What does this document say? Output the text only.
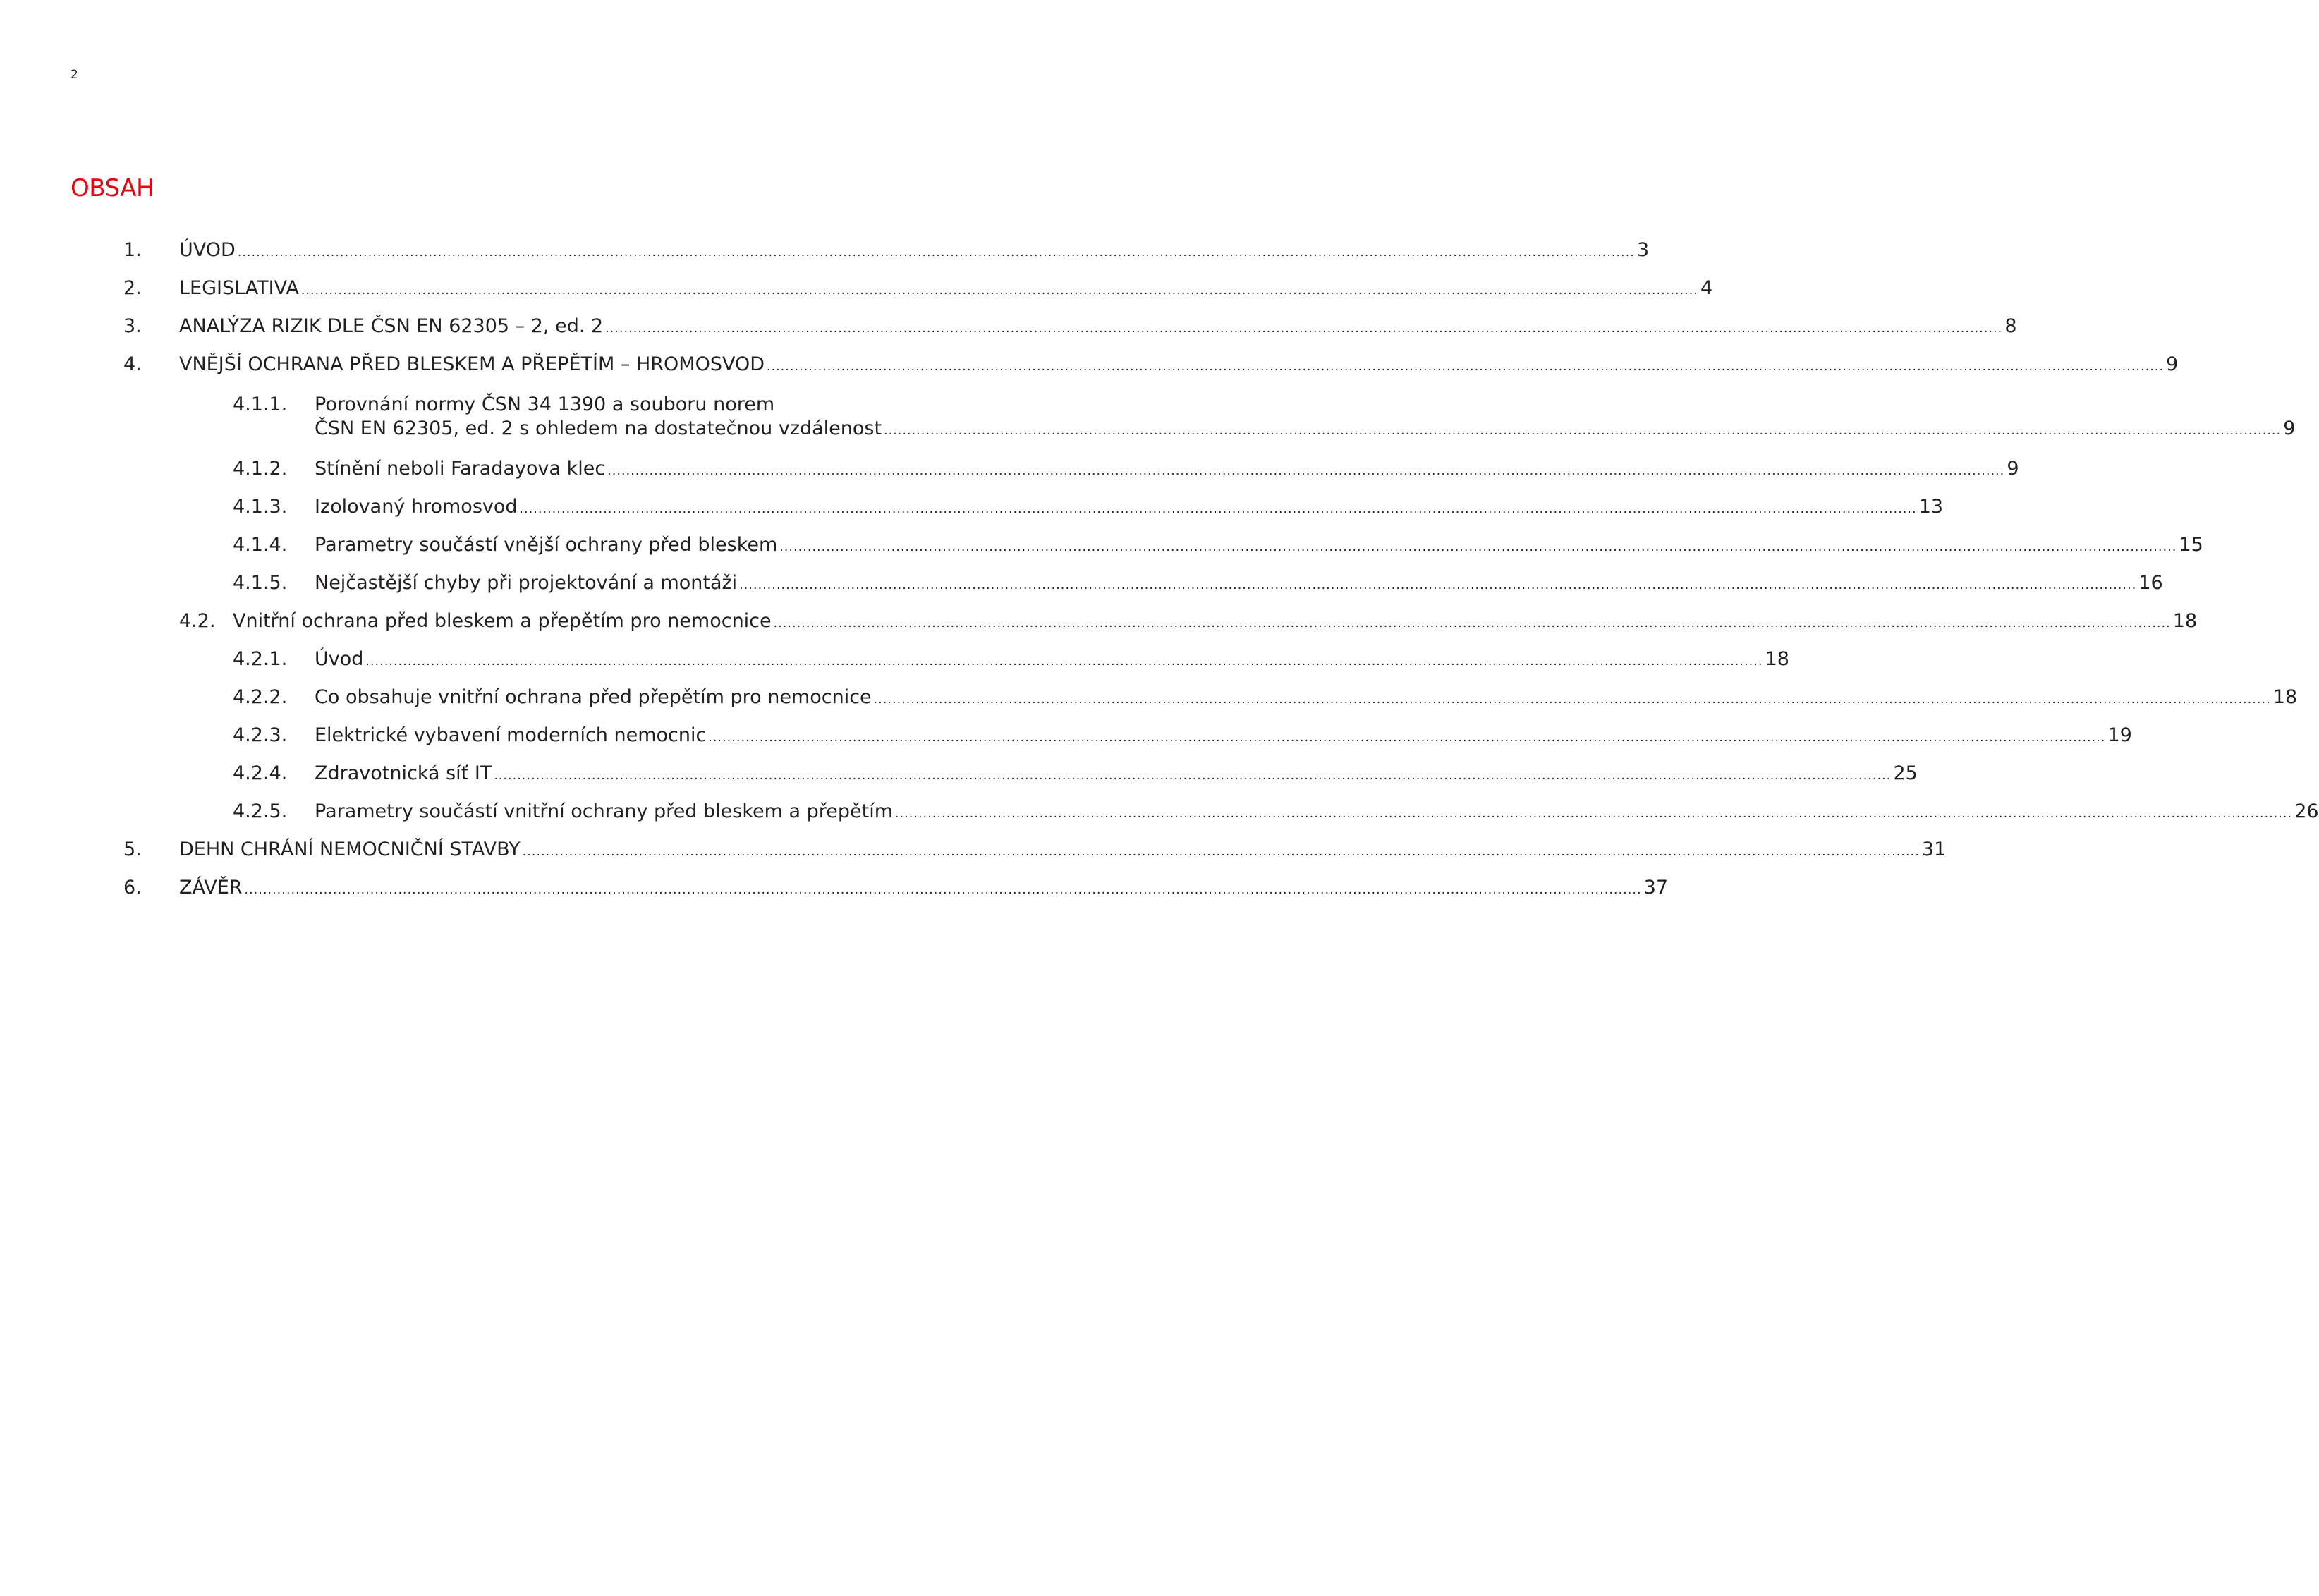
2
OBSAH
1.	ÚVOD ............................................................................................................................................................................................................................................................................................................ 3
2.	LEGISLATIVA ............................................................................................................................................................................................................................................................................................................ 4
3.	ANALÝZA RIZIK DLE ČSN EN 62305 – 2, ed. 2 ............................................................................................................................................................................................................................................................................................................ 8
4.	VNĚJŠÍ OCHRANA PŘED BLESKEM A PŘEPĚTÍM – HROMOSVOD ............................................................................................................................................................................................................................................................................................................ 9
4.1.1.	Porovnání normy ČSN 34 1390 a souboru norem
ČSN EN 62305, ed. 2 s ohledem na dostatečnou vzdálenost ............................................................................................................................................................................................................................................................................................................ 9
4.1.2.	Stínění neboli Faradayova klec ............................................................................................................................................................................................................................................................................................................ 9
4.1.3.	Izolovaný hromosvod ............................................................................................................................................................................................................................................................................................................ 13
4.1.4.	Parametry součástí vnější ochrany před bleskem ............................................................................................................................................................................................................................................................................................................ 15
4.1.5.	Nejčastější chyby při projektování a montáži ............................................................................................................................................................................................................................................................................................................ 16
4.2. Vnitřní ochrana před bleskem a přepětím pro nemocnice ............................................................................................................................................................................................................................................................................................................ 18
4.2.1.	Úvod ............................................................................................................................................................................................................................................................................................................ 18
4.2.2.	Co obsahuje vnitřní ochrana před přepětím pro nemocnice ............................................................................................................................................................................................................................................................................................................ 18
4.2.3.	Elektrické vybavení moderních nemocnic ............................................................................................................................................................................................................................................................................................................ 19
4.2.4.	Zdravotnická síť IT ............................................................................................................................................................................................................................................................................................................ 25
4.2.5.	Parametry součástí vnitřní ochrany před bleskem a přepětím ............................................................................................................................................................................................................................................................................................................ 26
5.	DEHN CHRÁNÍ NEMOCNIČNÍ STAVBY ............................................................................................................................................................................................................................................................................................................ 31
6.	ZÁVĚR ............................................................................................................................................................................................................................................................................................................ 37
